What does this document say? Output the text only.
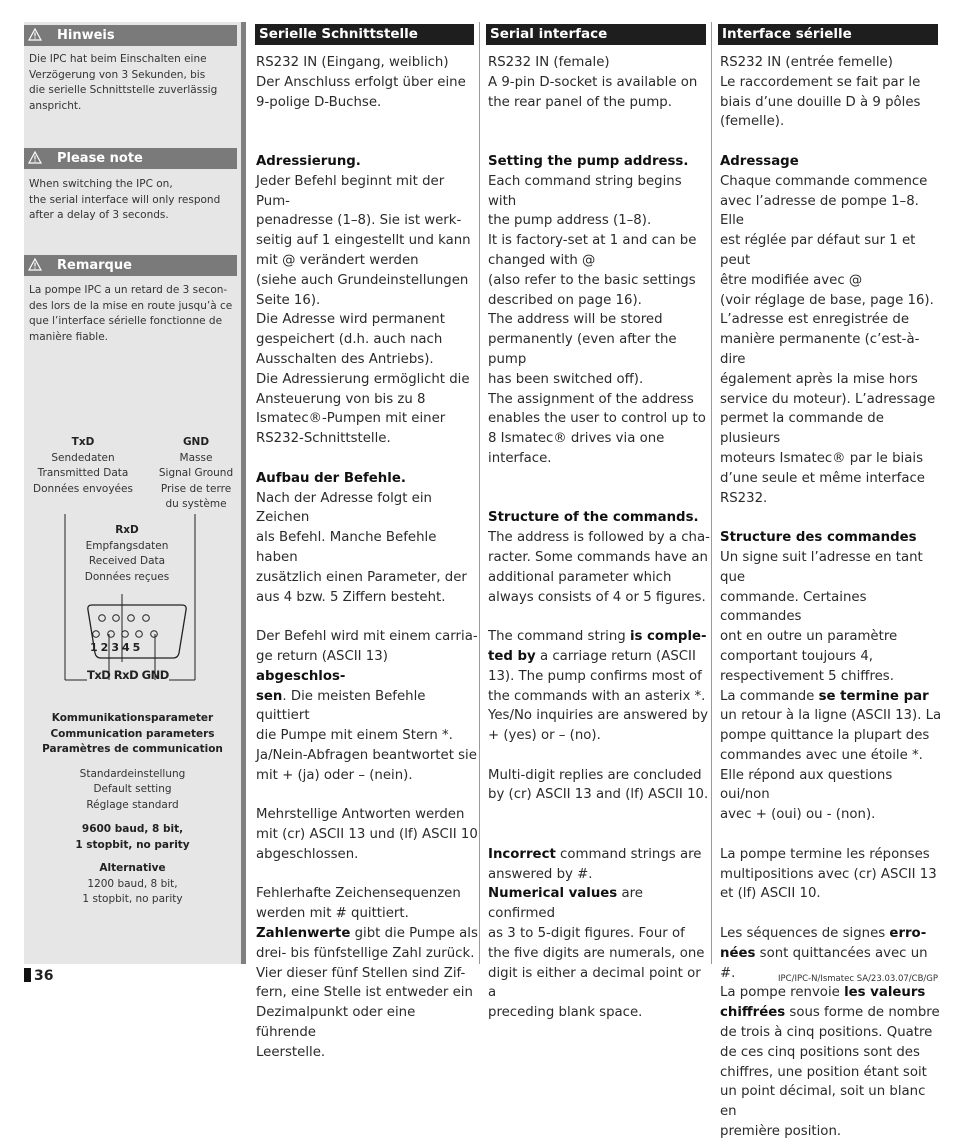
Hinweis
Die IPC hat beim Einschalten eine
Verzögerung von 3 Sekunden, bis
die serielle Schnittstelle zuverlässig
anspricht.
Please note
When switching the IPC on,
the serial interface will only respond
after a delay of 3 seconds.
Remarque
La pompe IPC a un retard de 3 secon-
des lors de la mise en route jusqu’à ce
que l’interface sérielle fonctionne de
manière fiable.
TxD
Sendedaten
Transmitted Data
Données envoyées
GND
Masse
Signal Ground
Prise de terre
du système
RxD
Empfangsdaten
Received Data
Données reçues
12345
TxD RxD GND
Kommunikationsparameter
Communication parameters
Paramètres de communication
Standardeinstellung
Default setting
Réglage standard
9600 baud, 8 bit,
1 stopbit, no parity
Alternative
1200 baud, 8 bit,
1 stopbit, no parity
Serielle Schnittstelle	Serial interface	Interface sérielle

RS232 IN (Eingang, weiblich)

Der Anschluss erfolgt über eine

9-polige D-Buchse.

Adressierung.

Jeder Befehl beginnt mit der Pum-

penadresse (1–8). Sie ist werk-

seitig auf 1 eingestellt und kann

mit @ verändert werden

(siehe auch Grundeinstellungen

Seite 16).

Die Adresse wird permanent

gespeichert (d.h. auch nach

Ausschalten des Antriebs).

Die Adressierung ermöglicht die

Ansteuerung von bis zu 8

Ismatec®-Pumpen mit einer

RS232-Schnittstelle.

Aufbau der Befehle.

Nach der Adresse folgt ein Zeichen

als Befehl. Manche Befehle haben

zusätzlich einen Parameter, der

aus 4 bzw. 5 Ziffern besteht.

Der Befehl wird mit einem carria-

ge return (ASCII 13) abgeschlos-

sen. Die meisten Befehle quittiert

die Pumpe mit einem Stern *.

Ja/Nein-Abfragen beantwortet sie

mit + (ja) oder – (nein).

Mehrstellige Antworten werden

mit (cr) ASCII 13 und (lf) ASCII 10

abgeschlossen.

Fehlerhafte Zeichensequenzen

werden mit # quittiert.

Zahlenwerte gibt die Pumpe als

drei- bis fünfstellige Zahl zurück.

Vier dieser fünf Stellen sind Zif-

fern, eine Stelle ist entweder ein

Dezimalpunkt oder eine führende

Leerstelle.

RS232 IN (female)

A 9-pin D-socket is available on

the rear panel of the pump.

Setting the pump address.

Each command string begins with

the pump address (1–8).

It is factory-set at 1 and can be

changed with @

(also refer to the basic settings

described on page 16).

The address will be stored

permanently (even after the pump

has been switched off).

The assignment of the address

enables the user to control up to

8 Ismatec® drives via one interface.

Structure of the commands.

The address is followed by a cha-

racter. Some commands have an

additional parameter which

always consists of 4 or 5 figures.

The command string is comple-

ted by a carriage return (ASCII

13). The pump confirms most of

the commands with an asterix *.

Yes/No inquiries are answered by

+ (yes) or – (no).

Multi-digit replies are concluded

by (cr) ASCII 13 and (lf) ASCII 10.

Incorrect command strings are

answered by #.

Numerical values are confirmed

as 3 to 5-digit figures. Four of

the five digits are numerals, one

digit is either a decimal point or a

preceding blank space.

RS232 IN (entrée femelle)

Le raccordement se fait par le

biais d’une douille D à 9 pôles

(femelle).

Adressage

Chaque commande commence

avec l’adresse de pompe 1–8. Elle

est réglée par défaut sur 1 et peut

être modifiée avec @

(voir réglage de base, page 16).

L’adresse est enregistrée de

manière permanente (c’est-à-dire

également après la mise hors

service du moteur). L’adressage

permet la commande de plusieurs

moteurs Ismatec® par le biais

d’une seule et même interface

RS232.

Structure des commandes

Un signe suit l’adresse en tant que

commande. Certaines commandes

ont en outre un paramètre

comportant toujours 4,

respectivement 5 chiffres.

La commande se termine par

un retour à la ligne (ASCII 13). La

pompe quittance la plupart des

commandes avec une étoile *.

Elle répond aux questions oui/non

avec + (oui) ou - (non).

La pompe termine les réponses

multipositions avec (cr) ASCII 13

et (lf) ASCII 10.

Les séquences de signes erro-

nées sont quittancées avec un #.

La pompe renvoie les valeurs

chiffrées sous forme de nombre

de trois à cinq positions. Quatre

de ces cinq positions sont des

chiffres, une position étant soit

un point décimal, soit un blanc en

première position.

36	IPC/IPC-N/Ismatec SA/23.03.07/CB/GP
